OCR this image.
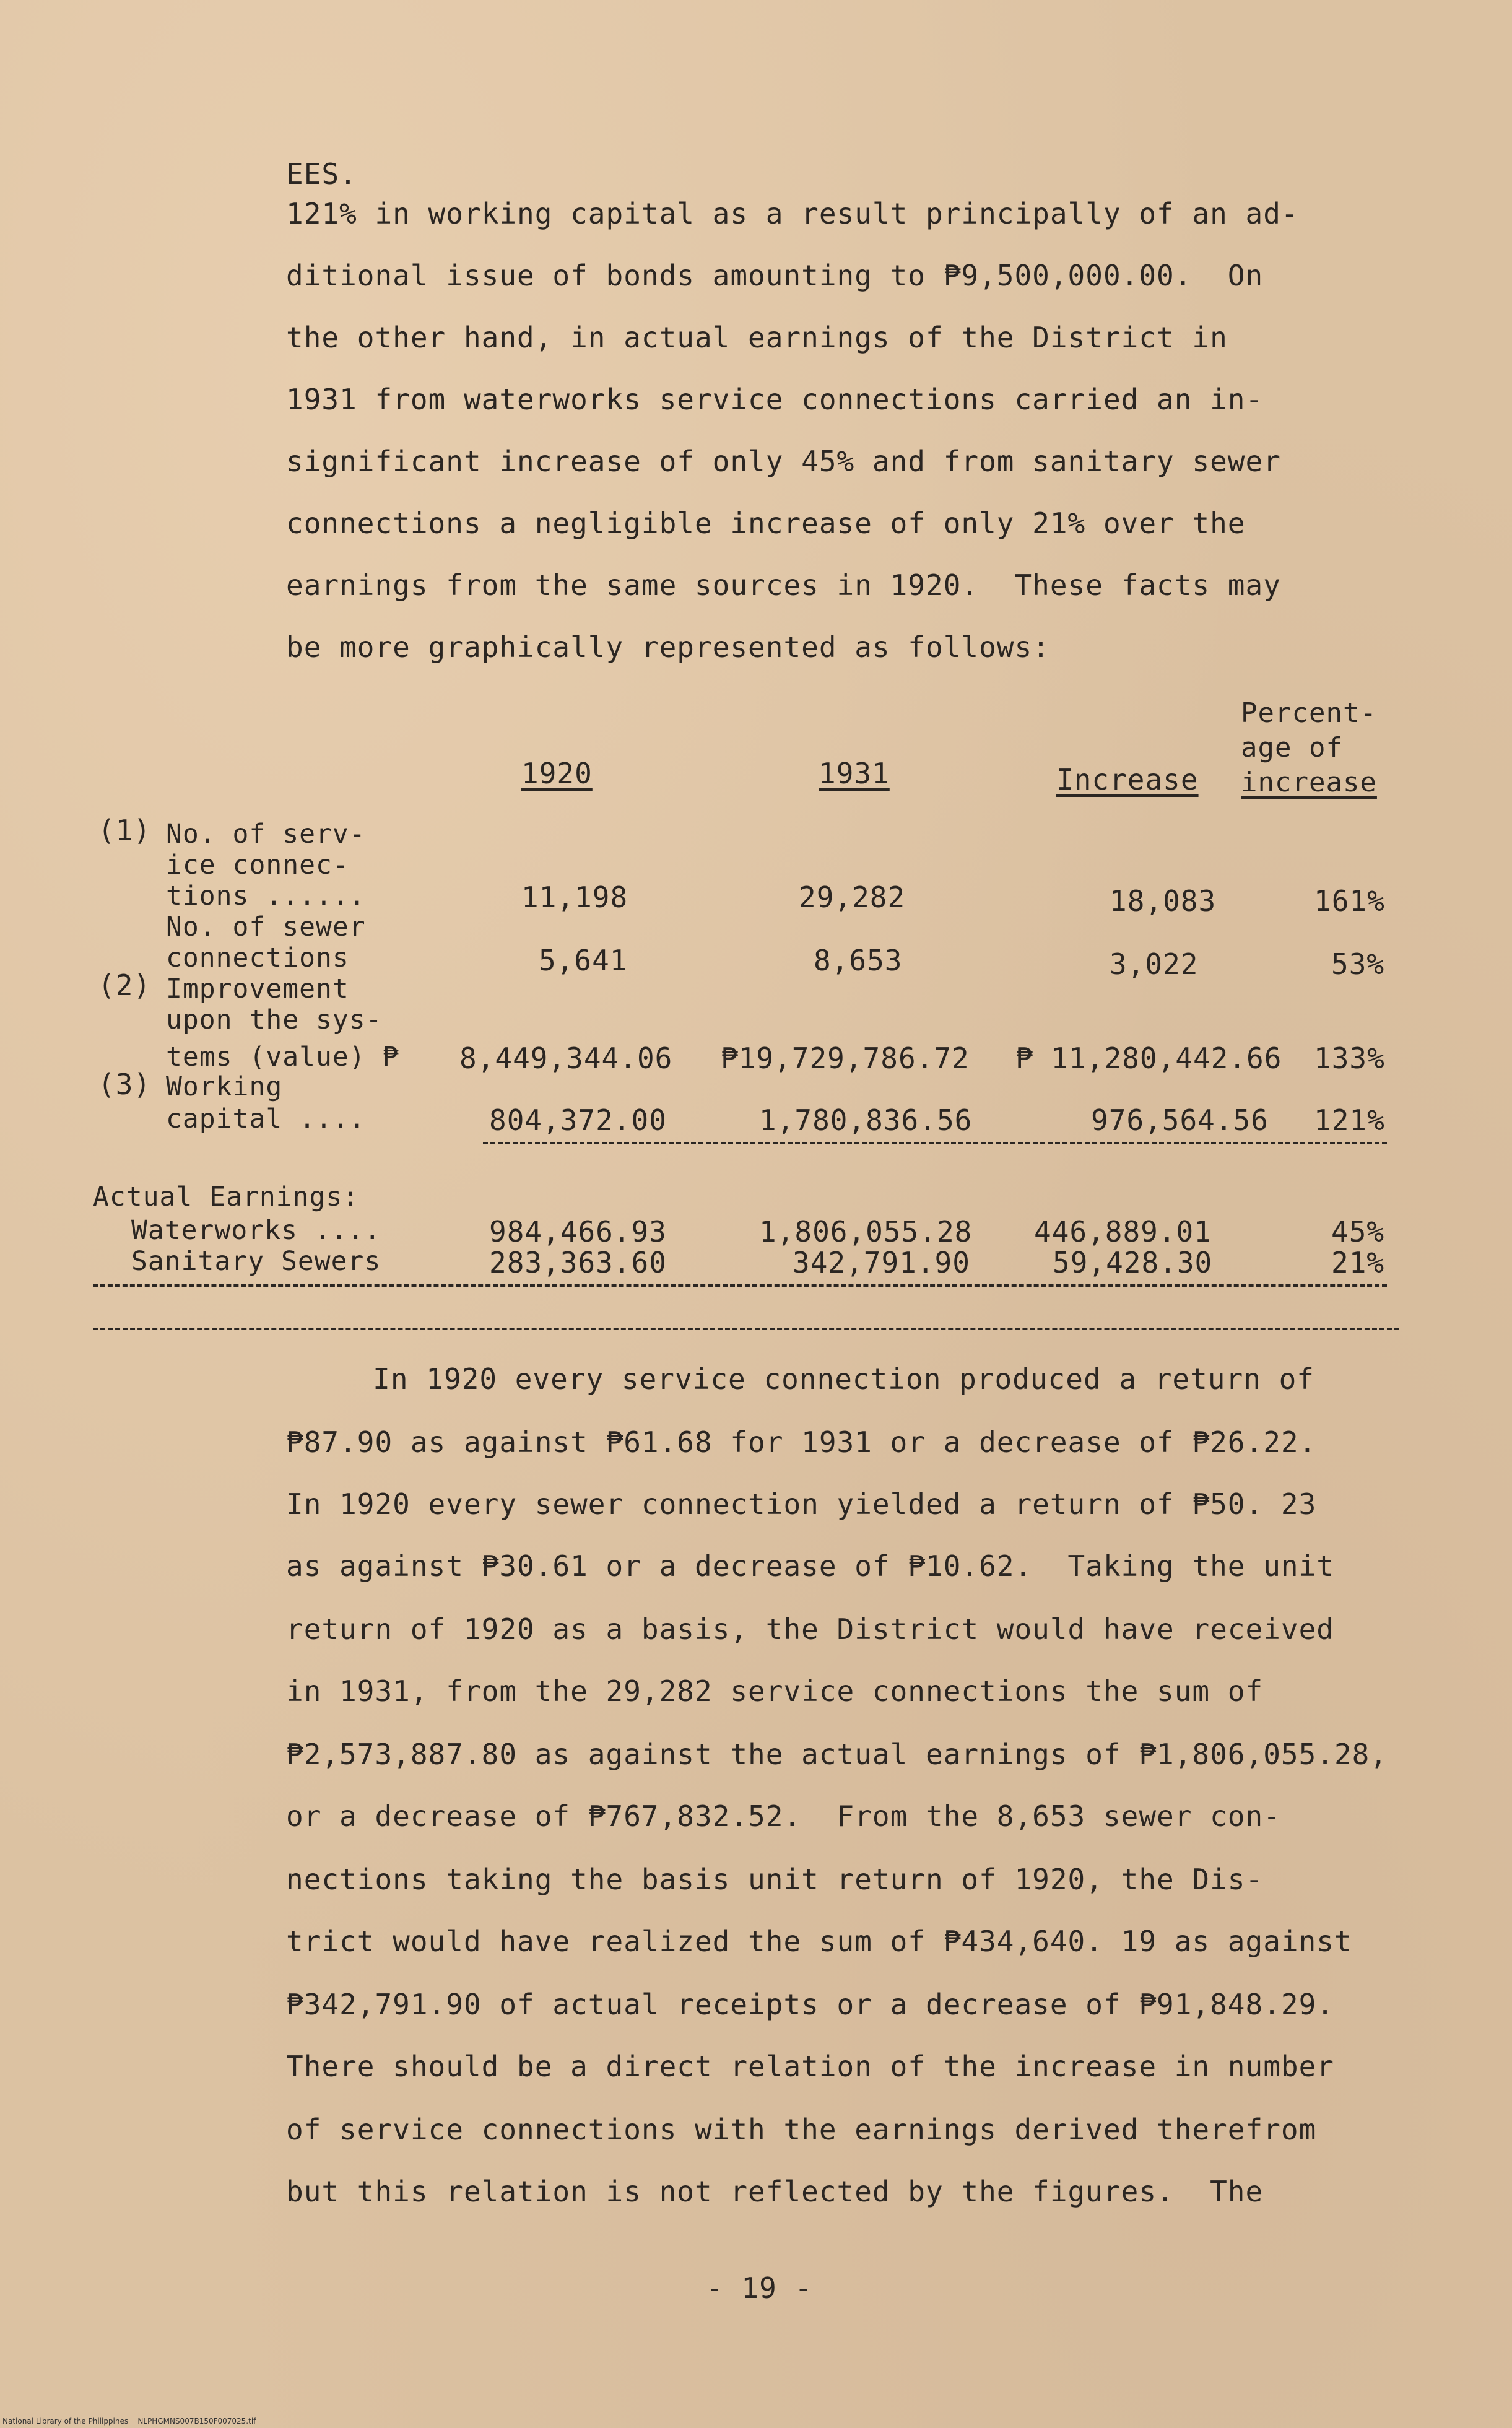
EES.
121% in working capital as a result principally of an ad-
ditional issue of bonds amounting to ₱9,500,000.00.  On
the other hand, in actual earnings of the District in
1931 from waterworks service connections carried an in-
significant increase of only 45% and from sanitary sewer
connections a negligible increase of only 21% over the
earnings from the same sources in 1920.  These facts may
be more graphically represented as follows:
Percent-
age of
increase
1920	1931	Increase
(1) No. of serv-
ice connec-
tions ......	11,198	29,282	18,083	161%
No. of sewer
connections	5,641	8,653	3,022	53%
(2) Improvement
upon the sys-
tems (value) ₱ 8,449,344.06 ₱19,729,786.72 ₱ 11,280,442.66 133%
(3) Working
capital ....	804,372.00	1,780,836.56	976,564.56 121%
Actual Earnings:
Waterworks ....	984,466.93	1,806,055.28 446,889.01	45%
Sanitary Sewers	283,363.60	342,791.90	59,428.30	21%
In 1920 every service connection produced a return of
₱87.90 as against ₱61.68 for 1931 or a decrease of ₱26.22.
In 1920 every sewer connection yielded a return of ₱50. 23
as against ₱30.61 or a decrease of ₱10.62.  Taking the unit
return of 1920 as a basis, the District would have received
in 1931, from the 29,282 service connections the sum of
₱2,573,887.80 as against the actual earnings of ₱1,806,055.28,
or a decrease of ₱767,832.52.  From the 8,653 sewer con-
nections taking the basis unit return of 1920, the Dis-
trict would have realized the sum of ₱434,640. 19 as against
₱342,791.90 of actual receipts or a decrease of ₱91,848.29.
There should be a direct relation of the increase in number
of service connections with the earnings derived therefrom
but this relation is not reflected by the figures.  The
- 19 -
National Library of the Philippines    NLPHGMNS007B150F007025.tif
